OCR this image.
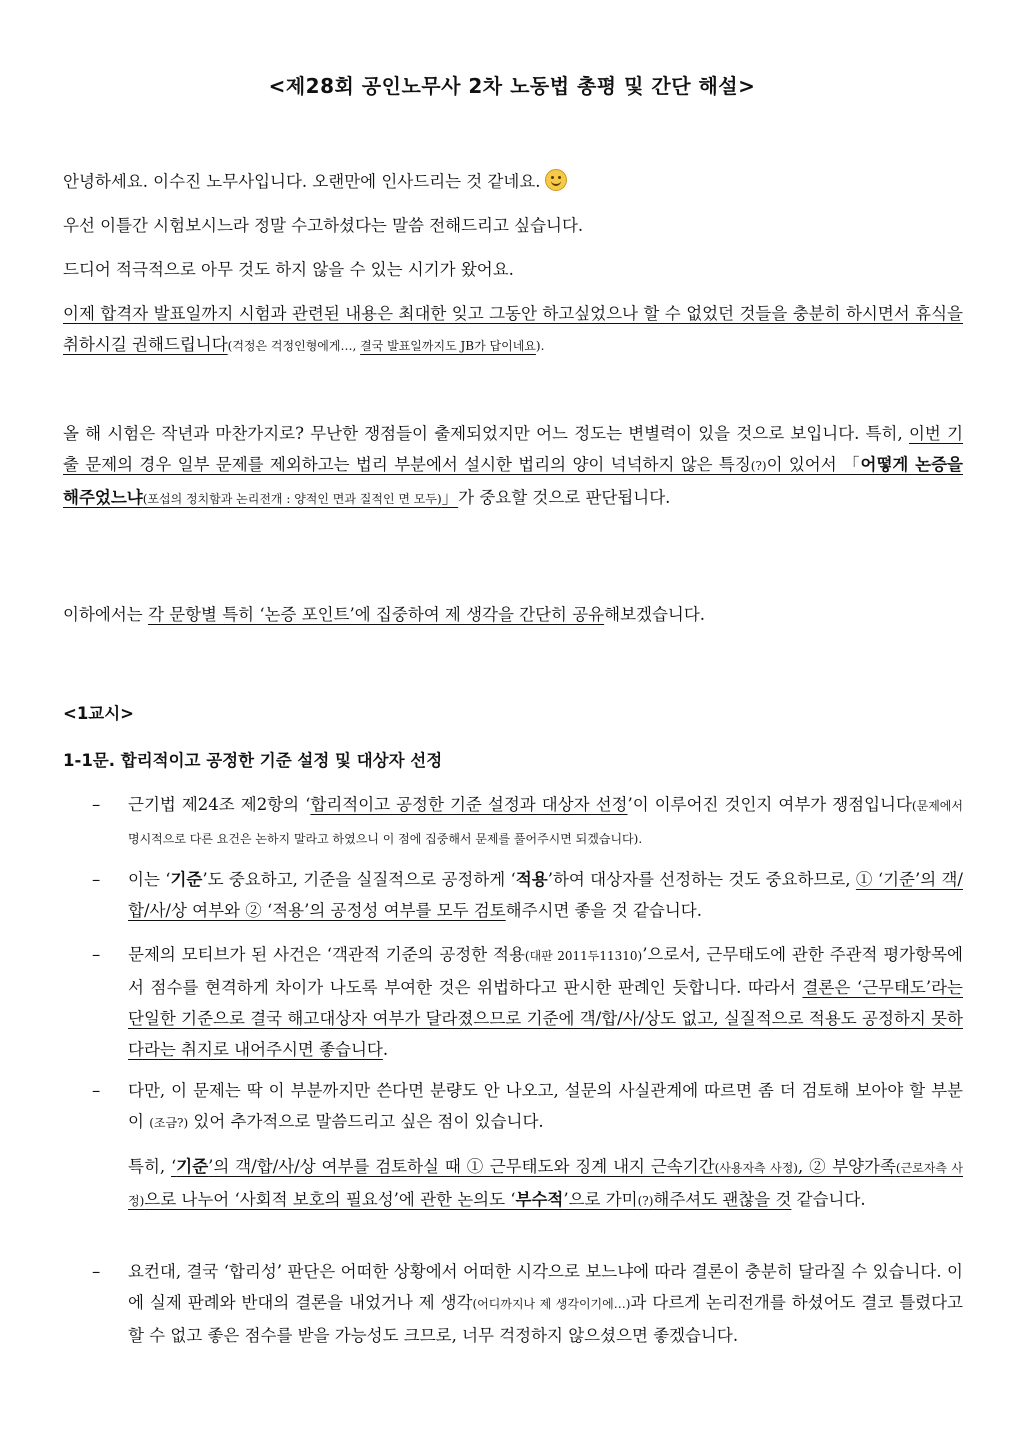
<제28회 공인노무사 2차 노동법 총평 및 간단 해설>
안녕하세요. 이수진 노무사입니다. 오랜만에 인사드리는 것 같네요.
우선 이틀간 시험보시느라 정말 수고하셨다는 말씀 전해드리고 싶습니다.
드디어 적극적으로 아무 것도 하지 않을 수 있는 시기가 왔어요.
이제 합격자 발표일까지 시험과 관련된 내용은 최대한 잊고 그동안 하고싶었으나 할 수 없었던 것들을 충분히 하시면서 휴식을 취하시길 권해드립니다(걱정은 걱정인형에게…, 결국 발표일까지도 JB가 답이네요).
올 해 시험은 작년과 마찬가지로? 무난한 쟁점들이 출제되었지만 어느 정도는 변별력이 있을 것으로 보입니다. 특히, 이번 기출 문제의 경우 일부 문제를 제외하고는 법리 부분에서 설시한 법리의 양이 넉넉하지 않은 특징(?)이 있어서 「어떻게 논증을 해주었느냐(포섭의 정치함과 논리전개 : 양적인 면과 질적인 면 모두)」가 중요할 것으로 판단됩니다.
이하에서는 각 문항별 특히 ‘논증 포인트’에 집중하여 제 생각을 간단히 공유해보겠습니다.
<1교시>
1-1문. 합리적이고 공정한 기준 설정 및 대상자 선정
–	근기법 제24조 제2항의 ‘합리적이고 공정한 기준 설정과 대상자 선정’이 이루어진 것인지 여부가 쟁점입니다(문제에서 명시적으로 다른 요건은 논하지 말라고 하였으니 이 점에 집중해서 문제를 풀어주시면 되겠습니다).
–	이는 ‘기준’도 중요하고, 기준을 실질적으로 공정하게 ‘적용’하여 대상자를 선정하는 것도 중요하므로, ① ‘기준’의 객/합/사/상 여부와 ② ‘적용’의 공정성 여부를 모두 검토해주시면 좋을 것 같습니다.
–	문제의 모티브가 된 사건은 ‘객관적 기준의 공정한 적용(대판 2011두11310)’으로서, 근무태도에 관한 주관적 평가항목에서 점수를 현격하게 차이가 나도록 부여한 것은 위법하다고 판시한 판례인 듯합니다. 따라서 결론은 ‘근무태도’라는 단일한 기준으로 결국 해고대상자 여부가 달라졌으므로 기준에 객/합/사/상도 없고, 실질적으로 적용도 공정하지 못하다라는 취지로 내어주시면 좋습니다.
–	다만, 이 문제는 딱 이 부분까지만 쓴다면 분량도 안 나오고, 설문의 사실관계에 따르면 좀 더 검토해 보아야 할 부분이 (조금?) 있어 추가적으로 말씀드리고 싶은 점이 있습니다.
특히, ‘기준’의 객/합/사/상 여부를 검토하실 때 ① 근무태도와 징계 내지 근속기간(사용자측 사정), ② 부양가족(근로자측 사정)으로 나누어 ‘사회적 보호의 필요성’에 관한 논의도 ‘부수적’으로 가미(?)해주셔도 괜찮을 것 같습니다.
–	요컨대, 결국 ‘합리성’ 판단은 어떠한 상황에서 어떠한 시각으로 보느냐에 따라 결론이 충분히 달라질 수 있습니다. 이에 실제 판례와 반대의 결론을 내었거나 제 생각(어디까지나 제 생각이기에…)과 다르게 논리전개를 하셨어도 결코 틀렸다고 할 수 없고 좋은 점수를 받을 가능성도 크므로, 너무 걱정하지 않으셨으면 좋겠습니다.
